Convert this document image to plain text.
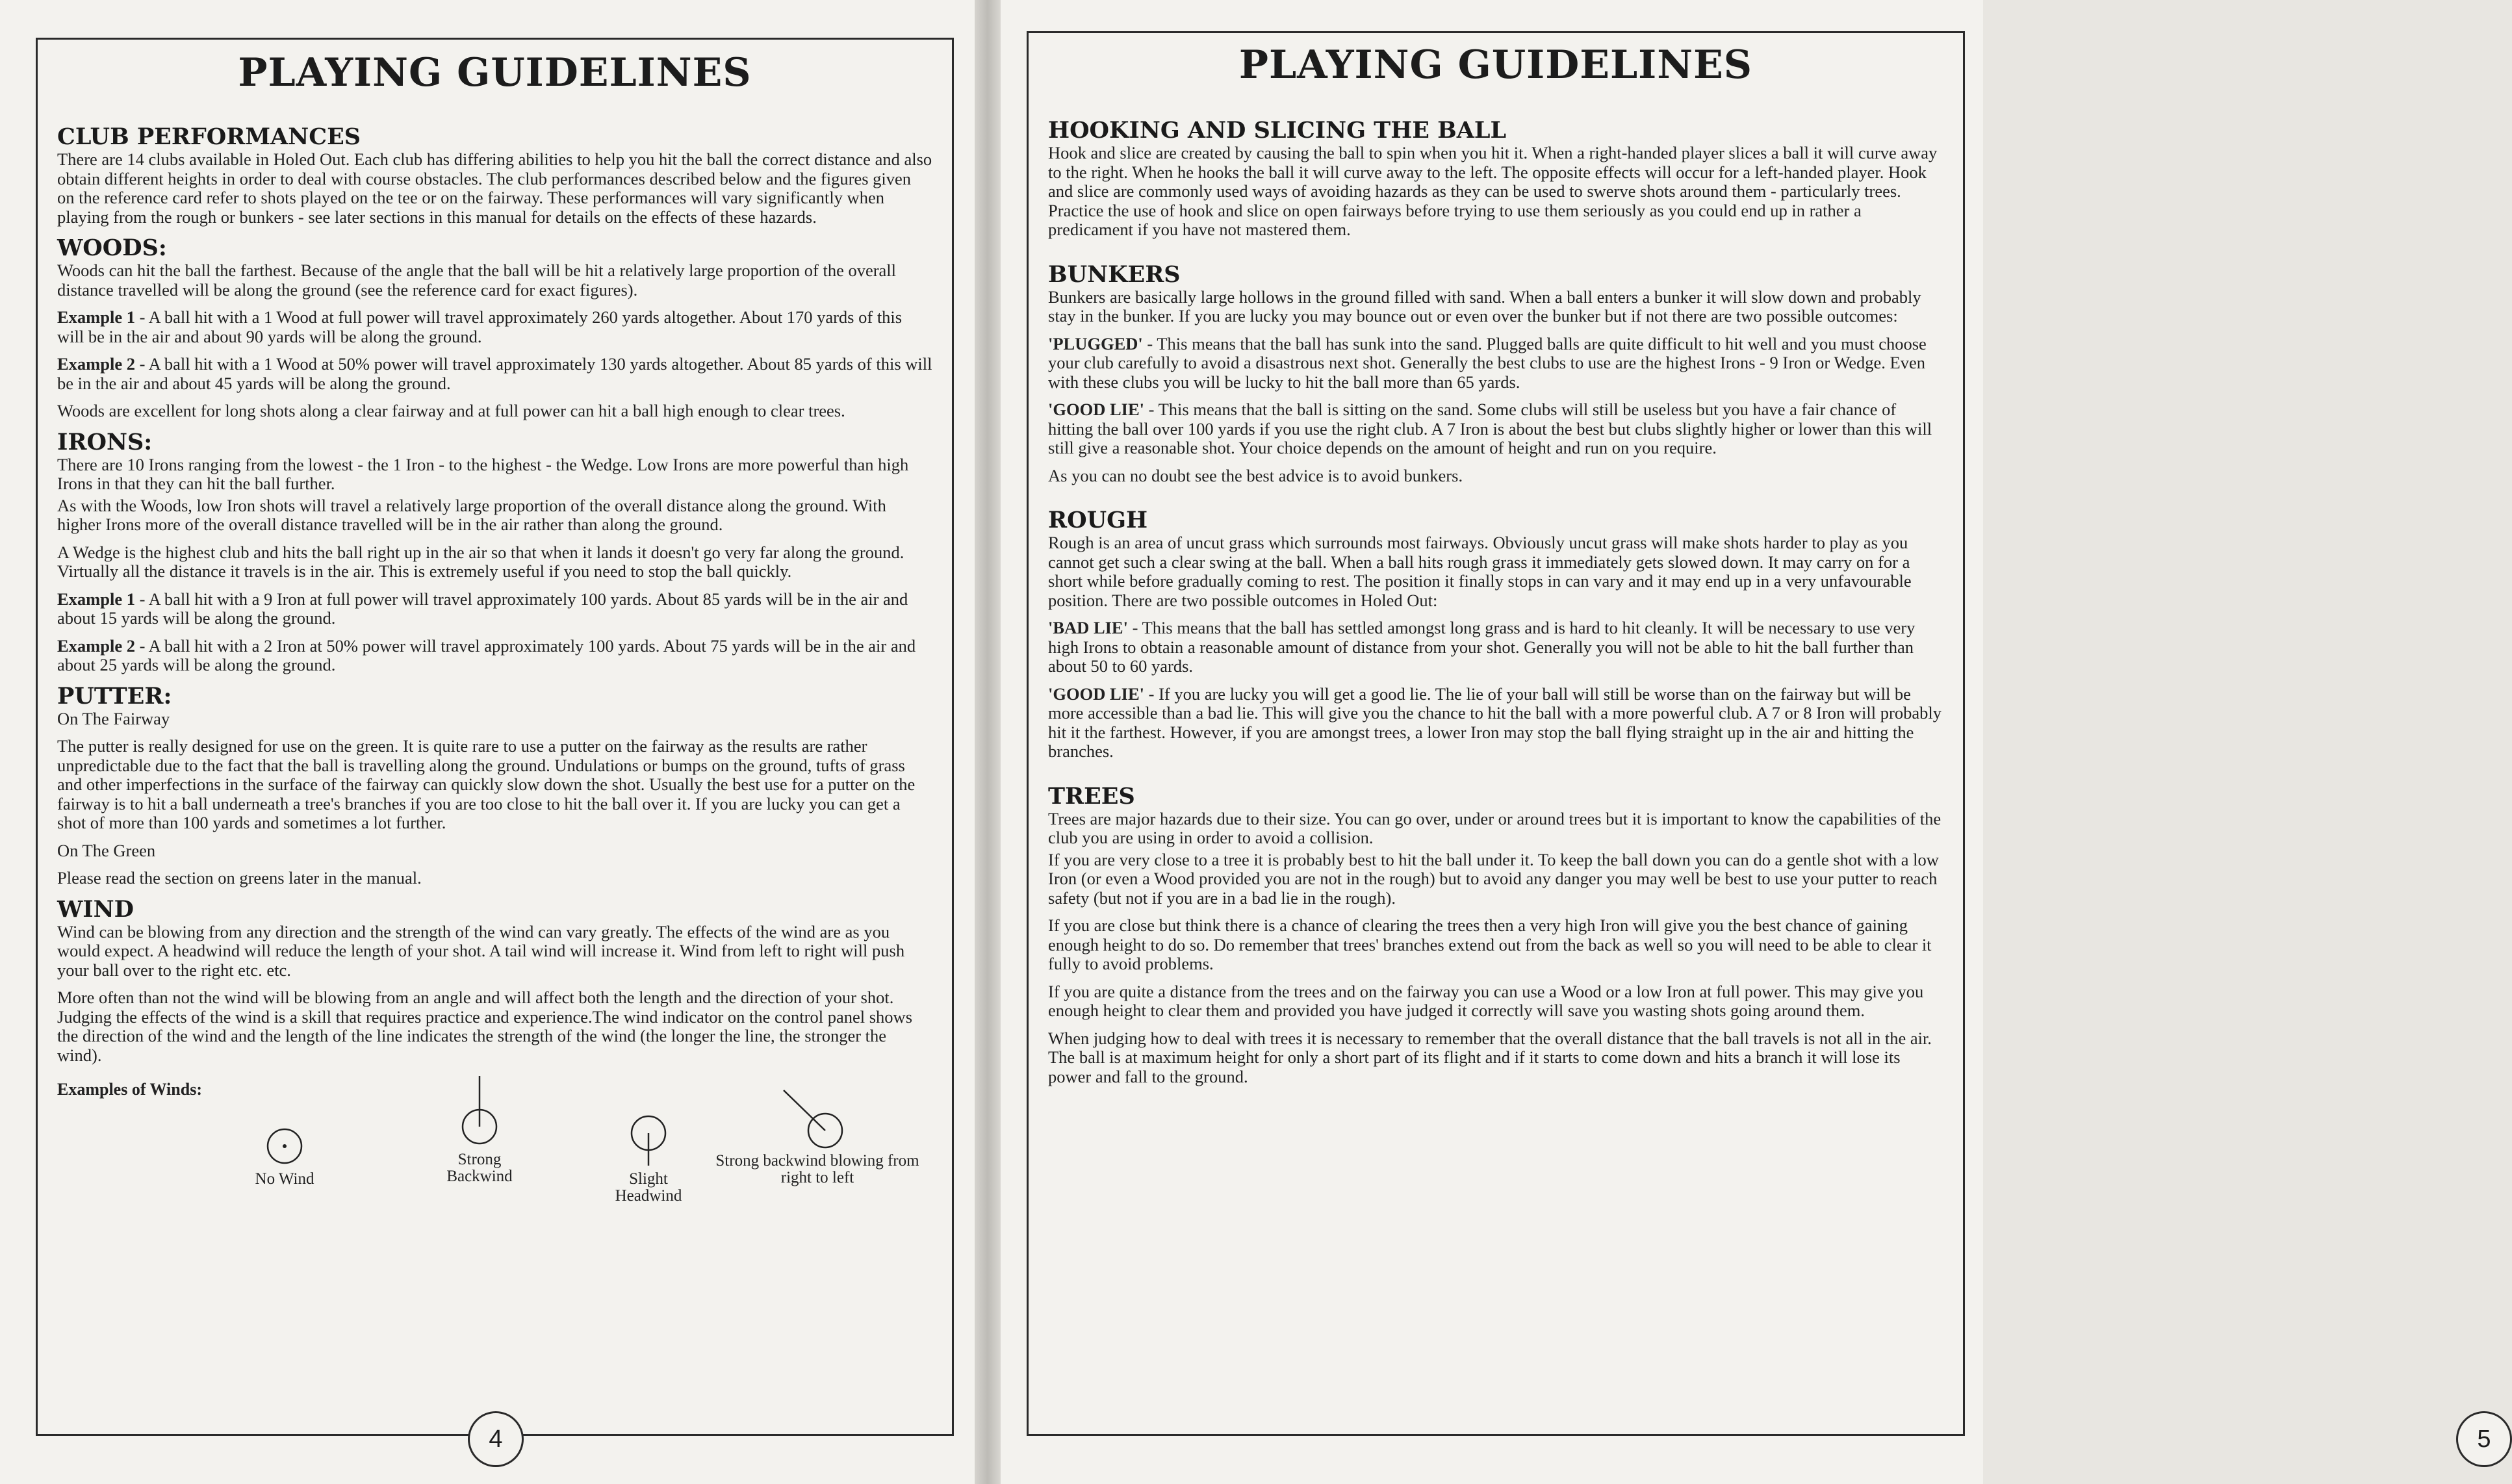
PLAYING GUIDELINES
CLUB PERFORMANCES

There are 14 clubs available in Holed Out. Each club has differing abilities to help you hit the ball the correct distance and also obtain different heights in order to deal with course obstacles. The club performances described below and the figures given on the reference card refer to shots played on the tee or on the fairway. These performances will vary significantly when playing from the rough or bunkers - see later sections in this manual for details on the effects of these hazards.

WOODS:

Woods can hit the ball the farthest. Because of the angle that the ball will be hit a relatively large proportion of the overall distance travelled will be along the ground (see the reference card for exact figures).

Example 1 - A ball hit with a 1 Wood at full power will travel approximately 260 yards altogether. About 170 yards of this will be in the air and about 90 yards will be along the ground.

Example 2 - A ball hit with a 1 Wood at 50% power will travel approximately 130 yards altogether. About 85 yards of this will be in the air and about 45 yards will be along the ground.

Woods are excellent for long shots along a clear fairway and at full power can hit a ball high enough to clear trees.

IRONS:

There are 10 Irons ranging from the lowest - the 1 Iron - to the highest - the Wedge. Low Irons are more powerful than high Irons in that they can hit the ball further.

As with the Woods, low Iron shots will travel a relatively large proportion of the overall distance along the ground. With higher Irons more of the overall distance travelled will be in the air rather than along the ground.

A Wedge is the highest club and hits the ball right up in the air so that when it lands it doesn't go very far along the ground. Virtually all the distance it travels is in the air. This is extremely useful if you need to stop the ball quickly.

Example 1 - A ball hit with a 9 Iron at full power will travel approximately 100 yards. About 85 yards will be in the air and about 15 yards will be along the ground.

Example 2 - A ball hit with a 2 Iron at 50% power will travel approximately 100 yards. About 75 yards will be in the air and about 25 yards will be along the ground.

PUTTER:

On The Fairway

The putter is really designed for use on the green. It is quite rare to use a putter on the fairway as the results are rather unpredictable due to the fact that the ball is travelling along the ground. Undulations or bumps on the ground, tufts of grass and other imperfections in the surface of the fairway can quickly slow down the shot. Usually the best use for a putter on the fairway is to hit a ball underneath a tree's branches if you are too close to hit the ball over it. If you are lucky you can get a shot of more than 100 yards and sometimes a lot further.

On The Green

Please read the section on greens later in the manual.

WIND

Wind can be blowing from any direction and the strength of the wind can vary greatly. The effects of the wind are as you would expect. A headwind will reduce the length of your shot. A tail wind will increase it. Wind from left to right will push your ball over to the right etc. etc.

More often than not the wind will be blowing from an angle and will affect both the length and the direction of your shot. Judging the effects of the wind is a skill that requires practice and experience.The wind indicator on the control panel shows the direction of the wind and the length of the line indicates the strength of the wind (the longer the line, the stronger the wind).

Examples of Winds:
No Wind
Strong Backwind	Slight Headwind
Strong backwind blowing from right to left
4
PLAYING GUIDELINES
HOOKING AND SLICING THE BALL

Hook and slice are created by causing the ball to spin when you hit it. When a right-handed player slices a ball it will curve away to the right. When he hooks the ball it will curve away to the left. The opposite effects will occur for a left-handed player. Hook and slice are commonly used ways of avoiding hazards as they can be used to swerve shots around them - particularly trees. Practice the use of hook and slice on open fairways before trying to use them seriously as you could end up in rather a predicament if you have not mastered them.

BUNKERS

Bunkers are basically large hollows in the ground filled with sand. When a ball enters a bunker it will slow down and probably stay in the bunker. If you are lucky you may bounce out or even over the bunker but if not there are two possible outcomes:

'PLUGGED' - This means that the ball has sunk into the sand. Plugged balls are quite difficult to hit well and you must choose your club carefully to avoid a disastrous next shot. Generally the best clubs to use are the highest Irons - 9 Iron or Wedge. Even with these clubs you will be lucky to hit the ball more than 65 yards.

'GOOD LIE' - This means that the ball is sitting on the sand. Some clubs will still be useless but you have a fair chance of hitting the ball over 100 yards if you use the right club. A 7 Iron is about the best but clubs slightly higher or lower than this will still give a reasonable shot. Your choice depends on the amount of height and run on you require.

As you can no doubt see the best advice is to avoid bunkers.

ROUGH

Rough is an area of uncut grass which surrounds most fairways. Obviously uncut grass will make shots harder to play as you cannot get such a clear swing at the ball. When a ball hits rough grass it immediately gets slowed down. It may carry on for a short while before gradually coming to rest. The position it finally stops in can vary and it may end up in a very unfavourable position. There are two possible outcomes in Holed Out:

'BAD LIE' - This means that the ball has settled amongst long grass and is hard to hit cleanly. It will be necessary to use very high Irons to obtain a reasonable amount of distance from your shot. Generally you will not be able to hit the ball further than about 50 to 60 yards.

'GOOD LIE' - If you are lucky you will get a good lie. The lie of your ball will still be worse than on the fairway but will be more accessible than a bad lie. This will give you the chance to hit the ball with a more powerful club. A 7 or 8 Iron will probably hit it the farthest. However, if you are amongst trees, a lower Iron may stop the ball flying straight up in the air and hitting the branches.

TREES

Trees are major hazards due to their size. You can go over, under or around trees but it is important to know the capabilities of the club you are using in order to avoid a collision.

If you are very close to a tree it is probably best to hit the ball under it. To keep the ball down you can do a gentle shot with a low Iron (or even a Wood provided you are not in the rough) but to avoid any danger you may well be best to use your putter to reach safety (but not if you are in a bad lie in the rough).

If you are close but think there is a chance of clearing the trees then a very high Iron will give you the best chance of gaining enough height to do so. Do remember that trees' branches extend out from the back as well so you will need to be able to clear it fully to avoid problems.

If you are quite a distance from the trees and on the fairway you can use a Wood or a low Iron at full power. This may give you enough height to clear them and provided you have judged it correctly will save you wasting shots going around them.

When judging how to deal with trees it is necessary to remember that the overall distance that the ball travels is not all in the air. The ball is at maximum height for only a short part of its flight and if it starts to come down and hits a branch it will lose its power and fall to the ground.

5
